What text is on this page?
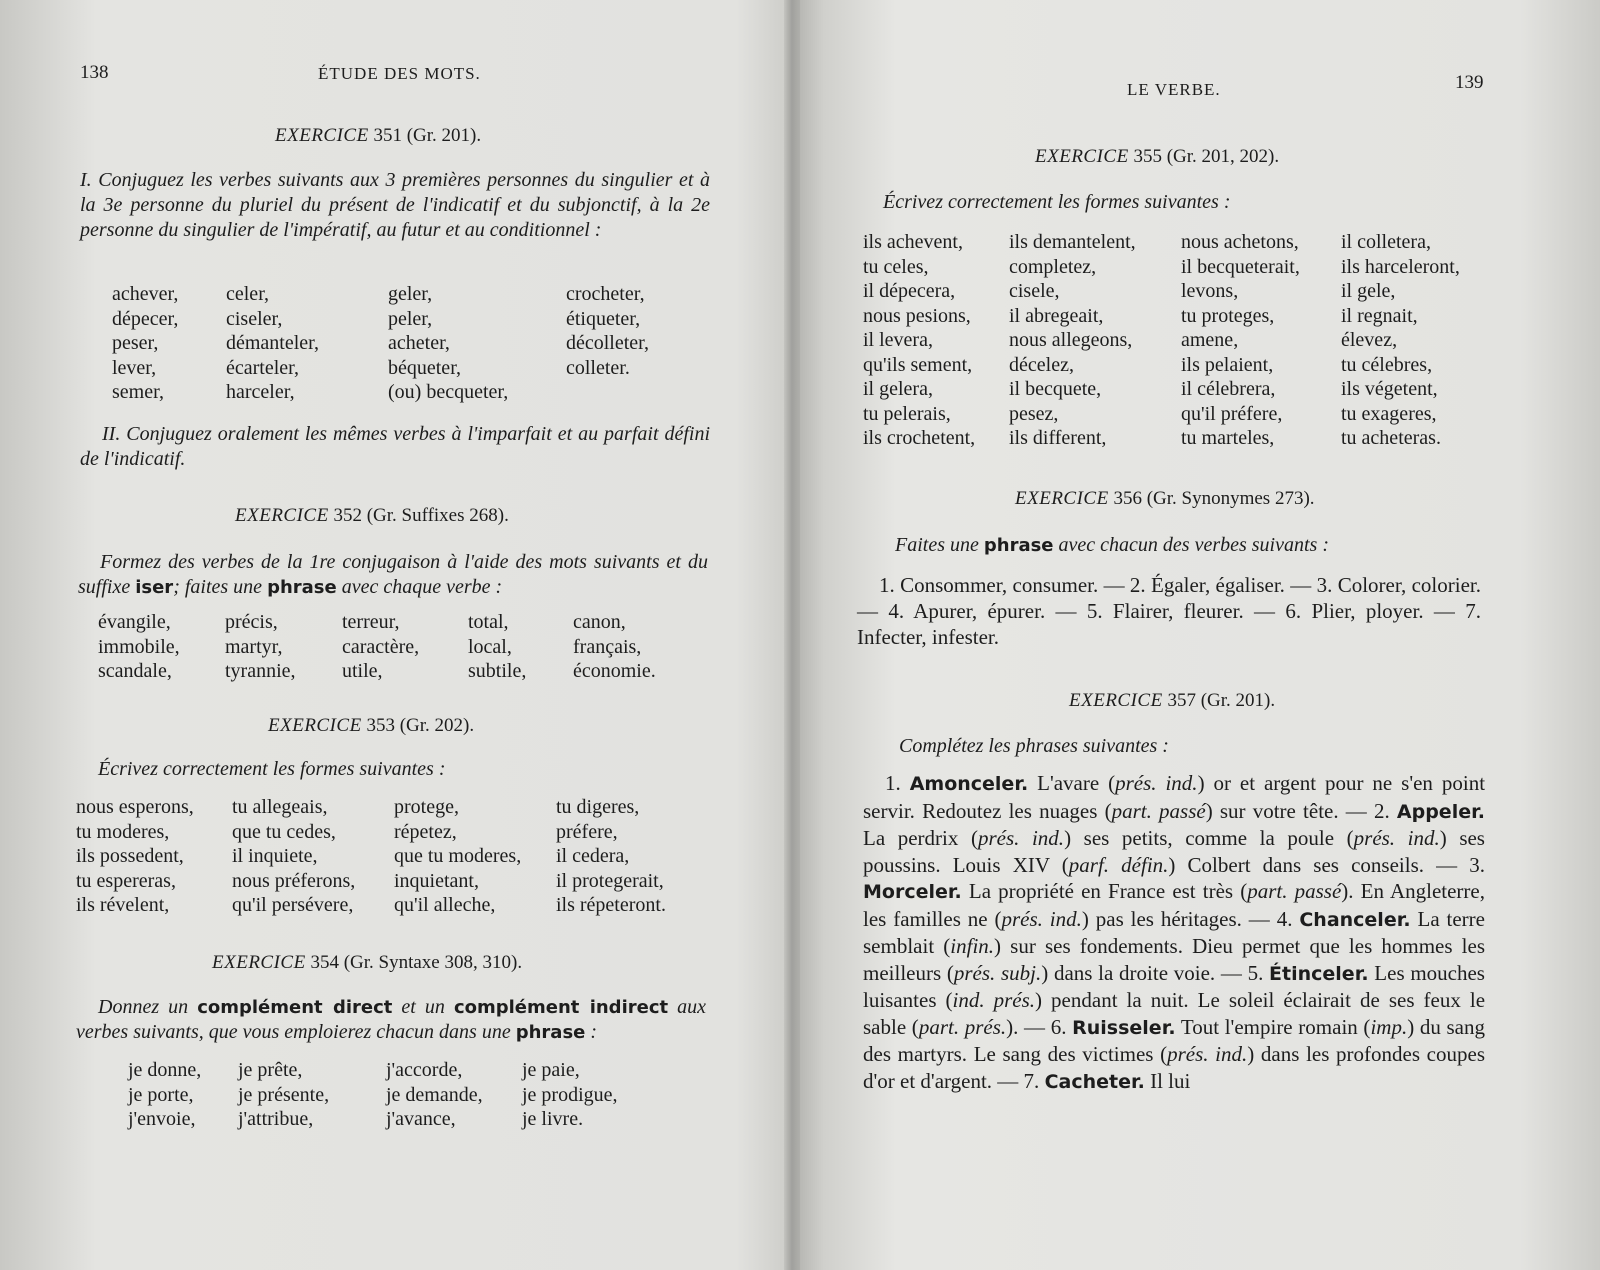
138	ÉTUDE DES MOTS.
EXERCICE 351 (Gr. 201).

I. Conjuguez les verbes suivants aux 3 premières personnes du singulier et à la 3e personne du pluriel du présent de l'indicatif et du subjonctif, à la 2e personne du singulier de l'impératif, au futur et au conditionnel :

achever,
dépecer,
peser,
lever,
semer,
celer,
ciseler,
démanteler,
écarteler,
harceler,
geler,
peler,
acheter,
béqueter,
(ou) becqueter,
crocheter,
étiqueter,
décolleter,
colleter.

II. Conjuguez oralement les mêmes verbes à l'imparfait et au parfait défini de l'indicatif.

EXERCICE 352 (Gr. Suffixes 268).

Formez des verbes de la 1re conjugaison à l'aide des mots suivants et du suffixe iser; faites une phrase avec chaque verbe :

évangile,
immobile,
scandale,
précis,
martyr,
tyrannie,
terreur,
caractère,
utile,
total,
local,
subtile,
canon,
français,
économie.
EXERCICE 353 (Gr. 202).

Écrivez correctement les formes suivantes :

nous esperons,
tu moderes,
ils possedent,
tu espereras,
ils révelent,
tu allegeais,
que tu cedes,
il inquiete,
nous préferons,
qu'il persévere,
protege,
répetez,
que tu moderes,
inquietant,
qu'il alleche,
tu digeres,
préfere,
il cedera,
il protegerait,
ils répeteront.
EXERCICE 354 (Gr. Syntaxe 308, 310).

Donnez un complément direct et un complément indirect aux verbes suivants, que vous emploierez chacun dans une phrase :

je donne,
je porte,
j'envoie,
je prête,
je présente,
j'attribue,
j'accorde,
je demande,
j'avance,
je paie,
je prodigue,
je livre.
LE VERBE.	139
EXERCICE 355 (Gr. 201, 202).

Écrivez correctement les formes suivantes :

ils achevent,
tu celes,
il dépecera,
nous pesions,
il levera,
qu'ils sement,
il gelera,
tu pelerais,
ils crochetent,
ils demantelent,
completez,
cisele,
il abregeait,
nous allegeons,
décelez,
il becquete,
pesez,
ils different,
nous achetons,
il becqueterait,
levons,
tu proteges,
amene,
ils pelaient,
il célebrera,
qu'il préfere,
tu marteles,
il colletera,
ils harceleront,
il gele,
il regnait,
élevez,
tu célebres,
ils végetent,
tu exageres,
tu acheteras.
EXERCICE 356 (Gr. Synonymes 273).

Faites une phrase avec chacun des verbes suivants :

1. Consommer, consumer. — 2. Égaler, égaliser. — 3. Colorer, colorier. — 4. Apurer, épurer. — 5. Flairer, fleurer. — 6. Plier, ployer. — 7. Infecter, infester.

EXERCICE 357 (Gr. 201).

Complétez les phrases suivantes :

1. Amonceler. L'avare (prés. ind.) or et argent pour ne s'en point servir. Redoutez les nuages (part. passé) sur votre tête. — 2. Appeler. La perdrix (prés. ind.) ses petits, comme la poule (prés. ind.) ses poussins. Louis XIV (parf. défin.) Colbert dans ses conseils. — 3. Morceler. La propriété en France est très (part. passé). En Angleterre, les familles ne (prés. ind.) pas les héritages. — 4. Chanceler. La terre semblait (infin.) sur ses fondements. Dieu permet que les hommes les meilleurs (prés. subj.) dans la droite voie. — 5. Étinceler. Les mouches luisantes (ind. prés.) pendant la nuit. Le soleil éclairait de ses feux le sable (part. prés.). — 6. Ruisseler. Tout l'empire romain (imp.) du sang des martyrs. Le sang des victimes (prés. ind.) dans les profondes coupes d'or et d'argent. — 7. Cacheter. Il lui
